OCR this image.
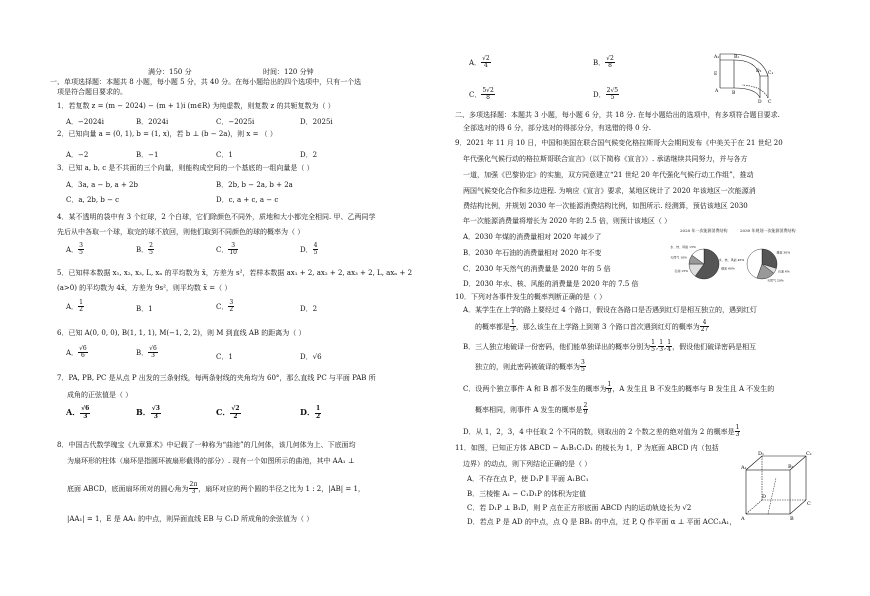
满分：150 分	时间：120 分钟
一、单项选择题：本题共 8 小题，每小题 5 分，共 40 分。在每小题给出的四个选项中，只有一个选
项是符合题目要求的。
1．若复数 z = (m − 2024) − (m + 1)i (m∈R) 为纯虚数，则复数 z 的共轭复数为（ ）
A．−2024i	B．2024i	C．−2025i	D．2025i
2．已知向量 a = (0, 1), b = (1, x)，若 b ⊥ (b − 2a)，则 x = （ ）
A．−2	B．−1	C．1	D．2
3．已知 a, b, c 是不共面的三个向量，则能构成空间的一个基底的一组向量是（ ）
A．3a, a − b, a + 2b	B．2b, b − 2a, b + 2a
C．a, 2b, b − c	D．c, a + c, a − c
4．某不透明的袋中有 3 个红球，2 个白球，它们除颜色不同外，质地和大小都完全相同. 甲、乙两同学
先后从中各取一个球，取完的球不放回，则他们取到不同颜色的球的概率为（ ）
A． $\frac{3}{5}$	B． $\frac{2}{5}$	C． $\frac{3}{10}$	D． $\frac{4}{5}$
5．已知样本数据 x₁, x₂, x₃, L, xₙ 的平均数为 x̄，方差为 s²，若样本数据 ax₁ + 2, ax₂ + 2, ax₃ + 2, L, axₙ + 2
(a>0) 的平均数为 4x̄，方差为 9s²，则平均数 x̄ =（ ）
A． $\frac{1}{2}$	B．1	C． $\frac{3}{2}$	D．2
6．已知 A(0, 0, 0), B(1, 1, 1), M(−1, 2, 2)，则 M 到直线 AB 的距离为（ ）
A． $\frac{√6}{6}$	B． $\frac{√6}{3}$	C．1	D．√6
7．PA, PB, PC 是从点 P 出发的三条射线，每两条射线的夹角均为 60°，那么直线 PC 与平面 PAB 所
成角的正弦值是（ ）
A． $\frac{√6}{3}$	B． $\frac{√3}{3}$	C． $\frac{√2}{2}$	D． $\frac{1}{2}$
8．中国古代数学瑰宝《九章算术》中记载了一种称为“曲池”的几何体，该几何体为上、下底面均
为扇环形的柱体（扇环是指圆环被扇形截得的部分）. 现有一个如图所示的曲池，其中 AA₁ ⊥
底面 ABCD，底面扇环所对的圆心角为 $\frac{2\pi}{3}$ ，扇环对应的两个圆的半径之比为 1 : 2，|AB| = 1，
|AA₁| = 1，E 是 AA₁ 的中点，则异面直线 EB 与 C₁D 所成角的余弦值为（ ）
A． $\frac{√2}{4}$	B． $\frac{√2}{8}$
C． $\frac{5√2}{8}$	D． $\frac{2√5}{5}$
二、多项选择题：本题共 3 小题，每小题 6 分，共 18 分. 在每小题给出的选项中，有多项符合题目要求.
全部选对的得 6 分，部分选对的得部分分，有选错的得 0 分.
9．2021 年 11 月 10 日，中国和美国在联合国气候变化格拉斯哥大会期间发布《中美关于在 21 世纪 20
年代强化气候行动的格拉斯哥联合宣言》（以下简称《宣言》）. 承诺继续共同努力，并与各方
一道，加强《巴黎协定》的实施，双方同意建立“21 世纪 20 年代强化气候行动工作组”，推动
两国气候变化合作和多边进程. 为响应《宣言》要求，某地区统计了 2020 年该地区一次能源消
费结构比例，并规划 2030 年一次能源消费结构比例，如图所示. 经测算，预估该地区 2030
年一次能源消费量将增长为 2020 年的 2.5 倍，则预计该地区（ ）
A．2030 年煤的消费量相对 2020 年减少了
B．2030 年石油的消费量相对 2020 年不变
C．2030 年天然气的消费量是 2020 年的 5 倍
D．2030 年水、核、风能的消费量是 2020 年的 7.5 倍
10．下列对各事件发生的概率判断正确的是（ ）
A．某学生在上学的路上要经过 4 个路口，假设在各路口是否遇到红灯是相互独立的，遇到红灯
的概率都是 $\frac{1}{3}$ ，那么该生在上学路上到第 3 个路口首次遇到红灯的概率为 $\frac{4}{27}$
B．三人独立地破译一份密码，他们能单独译出的概率分别为 $\frac{1}{5}$ , $\frac{1}{3}$ , $\frac{1}{4}$ ，假设他们破译密码是相互
独立的，则此密码被破译的概率为 $\frac{3}{5}$
C．设两个独立事件 A 和 B 都不发生的概率为 $\frac{1}{9}$ ，A 发生且 B 不发生的概率与 B 发生且 A 不发生的
概率相同，则事件 A 发生的概率是 $\frac{2}{9}$
D．从 1，2，3，4 中任取 2 个不同的数，则取出的 2 个数之差的绝对值为 2 的概率是 $\frac{1}{3}$
11．如图，已知正方体 ABCD − A₁B₁C₁D₁ 的棱长为 1，P 为底面 ABCD 内（包括
边界）的动点，则下列结论正确的是（ ）
A．不存在点 P，使 D₁P ∥ 平面 A₁BC₁
B．三棱锥 A₁ − C₁D₁P 的体积为定值
C．若 D₁P ⊥ B₁D，则 P 点在正方形底面 ABCD 内的运动轨迹长为 √2
D．若点 P 是 AD 的中点，点 Q 是 BB₁ 的中点，过 P, Q 作平面 α ⊥ 平面 ACC₁A₁，
A₁	B₁
C₁
D₁
A	B
C
D
E
2020 年一次能源消费结构	2030 年规划一次能源消费结构
煤炭 60%
石油 15%
天然气 10%
水、核、风能 15%
煤炭 30%
石油 6%
天然气 20%
水、核、风能 45%
A₁	B₁
C₁
D₁
A	B
C
D
